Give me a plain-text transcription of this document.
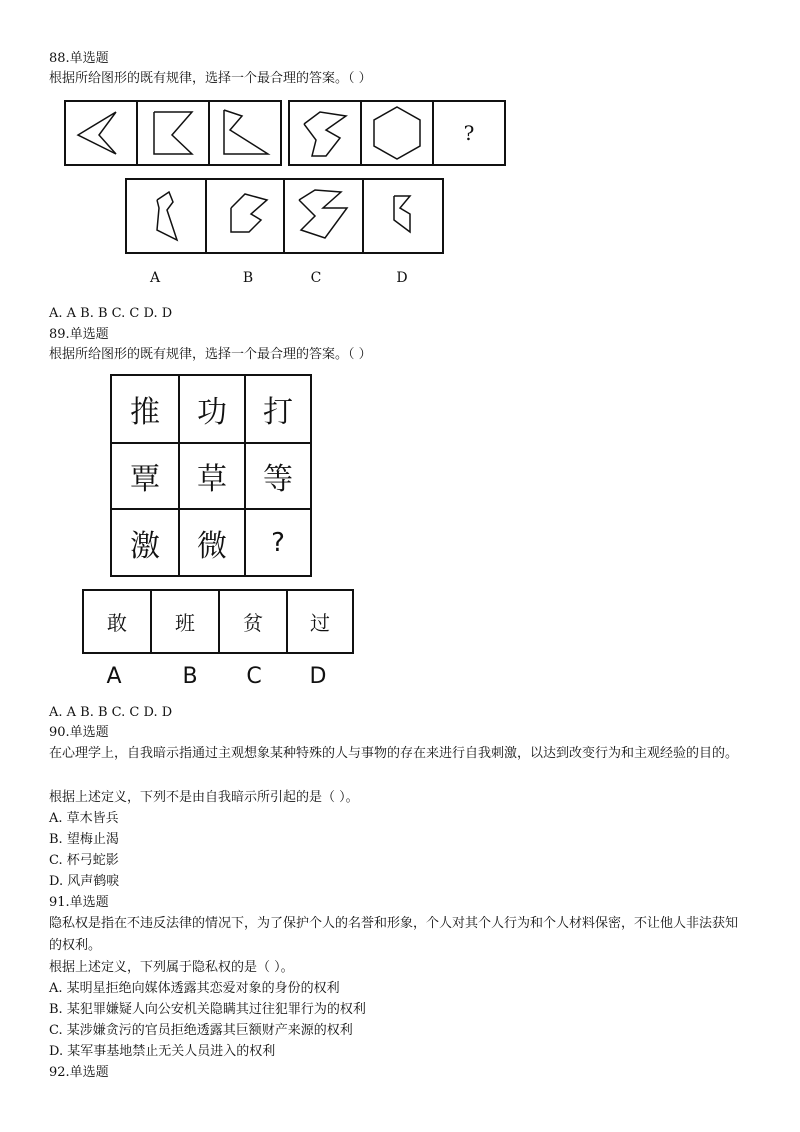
88.单选题
根据所给图形的既有规律，选择一个最合理的答案。（ ）
?
A	B	C	D
A. A B. B C. C D. D
89.单选题
根据所给图形的既有规律，选择一个最合理的答案。（ ）
推	功	打
覃	草	等
激	微	?
敢	班	贫	过
A	B	C	D
A. A B. B C. C D. D
90.单选题
在心理学上，自我暗示指通过主观想象某种特殊的人与事物的存在来进行自我刺激，以达到改变行为和主观经验的目的。
根据上述定义，下列不是由自我暗示所引起的是（ ）。
A. 草木皆兵
B. 望梅止渴
C. 杯弓蛇影
D. 风声鹤唳
91.单选题
隐私权是指在不违反法律的情况下，为了保护个人的名誉和形象，个人对其个人行为和个人材料保密，不让他人非法获知的权利。
根据上述定义，下列属于隐私权的是（ ）。
A. 某明星拒绝向媒体透露其恋爱对象的身份的权利
B. 某犯罪嫌疑人向公安机关隐瞒其过往犯罪行为的权利
C. 某涉嫌贪污的官员拒绝透露其巨额财产来源的权利
D. 某军事基地禁止无关人员进入的权利
92.单选题
